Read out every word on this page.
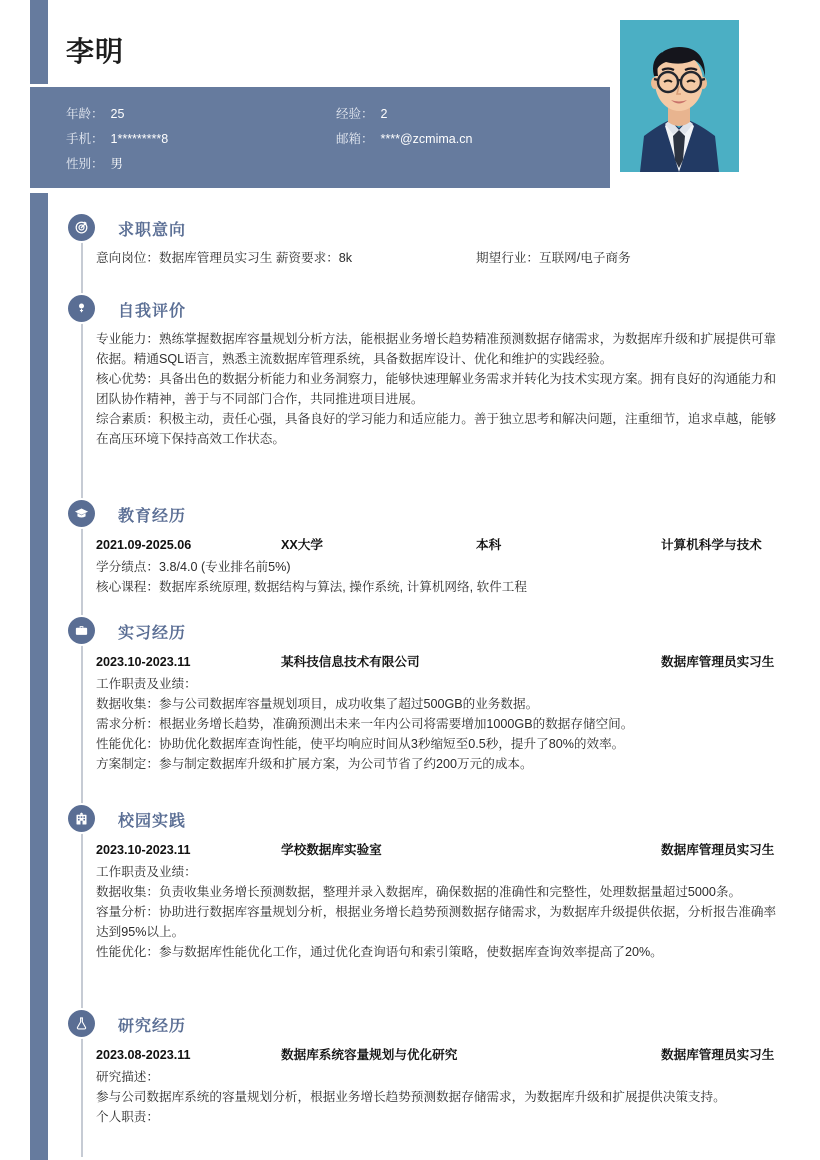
李明
年龄： 25	经验： 2
手机： 1*********8	邮箱： ****@zcmima.cn
性别： 男
求职意向
意向岗位：数据库管理员实习生 薪资要求：8k	期望行业：互联网/电子商务
自我评价
专业能力：熟练掌握数据库容量规划分析方法，能根据业务增长趋势精准预测数据存储需求，为数据库升级和扩展提供可靠依据。精通SQL语言，熟悉主流数据库管理系统，具备数据库设计、优化和维护的实践经验。
核心优势：具备出色的数据分析能力和业务洞察力，能够快速理解业务需求并转化为技术实现方案。拥有良好的沟通能力和团队协作精神，善于与不同部门合作，共同推进项目进展。
综合素质：积极主动，责任心强，具备良好的学习能力和适应能力。善于独立思考和解决问题，注重细节，追求卓越，能够在高压环境下保持高效工作状态。
教育经历
2021.09-2025.06	XX大学	本科	计算机科学与技术
学分绩点：3.8/4.0 (专业排名前5%)
核心课程：数据库系统原理, 数据结构与算法, 操作系统, 计算机网络, 软件工程
实习经历
2023.10-2023.11	某科技信息技术有限公司	数据库管理员实习生
工作职责及业绩：
数据收集：参与公司数据库容量规划项目，成功收集了超过500GB的业务数据。
需求分析：根据业务增长趋势，准确预测出未来一年内公司将需要增加1000GB的数据存储空间。
性能优化：协助优化数据库查询性能，使平均响应时间从3秒缩短至0.5秒，提升了80%的效率。
方案制定：参与制定数据库升级和扩展方案，为公司节省了约200万元的成本。
校园实践
2023.10-2023.11	学校数据库实验室	数据库管理员实习生
工作职责及业绩：
数据收集：负责收集业务增长预测数据，整理并录入数据库，确保数据的准确性和完整性，处理数据量超过5000条。
容量分析：协助进行数据库容量规划分析，根据业务增长趋势预测数据存储需求，为数据库升级提供依据，分析报告准确率达到95%以上。
性能优化：参与数据库性能优化工作，通过优化查询语句和索引策略，使数据库查询效率提高了20%。
研究经历
2023.08-2023.11	数据库系统容量规划与优化研究	数据库管理员实习生
研究描述：
参与公司数据库系统的容量规划分析，根据业务增长趋势预测数据存储需求，为数据库升级和扩展提供决策支持。
个人职责：
